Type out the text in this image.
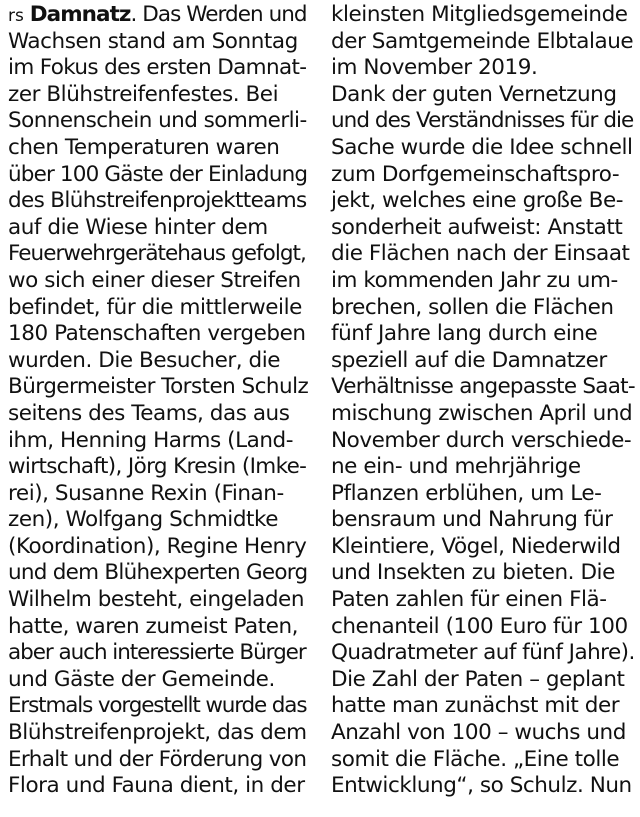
rs Damnatz. Das Werden und
Wachsen stand am Sonntag
im Fokus des ersten Damnat-
zer Blühstreifenfestes. Bei
Sonnenschein und sommerli-
chen Temperaturen waren
über 100 Gäste der Einladung
des Blühstreifenprojektteams
auf die Wiese hinter dem
Feuerwehrgerätehaus gefolgt,
wo sich einer dieser Streifen
befindet, für die mittlerweile
180 Patenschaften vergeben
wurden. Die Besucher, die
Bürgermeister Torsten Schulz
seitens des Teams, das aus
ihm, Henning Harms (Land-
wirtschaft), Jörg Kresin (Imke-
rei), Susanne Rexin (Finan-
zen), Wolfgang Schmidtke
(Koordination), Regine Henry
und dem Blühexperten Georg
Wilhelm besteht, eingeladen
hatte, waren zumeist Paten,
aber auch interessierte Bürger
und Gäste der Gemeinde.
Erstmals vorgestellt wurde das
Blühstreifenprojekt, das dem
Erhalt und der Förderung von
Flora und Fauna dient, in der
kleinsten Mitgliedsgemeinde
der Samtgemeinde Elbtalaue
im November 2019.
Dank der guten Vernetzung
und des Verständnisses für die
Sache wurde die Idee schnell
zum Dorfgemeinschaftspro-
jekt, welches eine große Be-
sonderheit aufweist: Anstatt
die Flächen nach der Einsaat
im kommenden Jahr zu um-
brechen, sollen die Flächen
fünf Jahre lang durch eine
speziell auf die Damnatzer
Verhältnisse angepasste Saat-
mischung zwischen April und
November durch verschiede-
ne ein- und mehrjährige
Pflanzen erblühen, um Le-
bensraum und Nahrung für
Kleintiere, Vögel, Niederwild
und Insekten zu bieten. Die
Paten zahlen für einen Flä-
chenanteil (100 Euro für 100
Quadratmeter auf fünf Jahre).
Die Zahl der Paten – geplant
hatte man zunächst mit der
Anzahl von 100 – wuchs und
somit die Fläche. „Eine tolle
Entwicklung“, so Schulz. Nun
